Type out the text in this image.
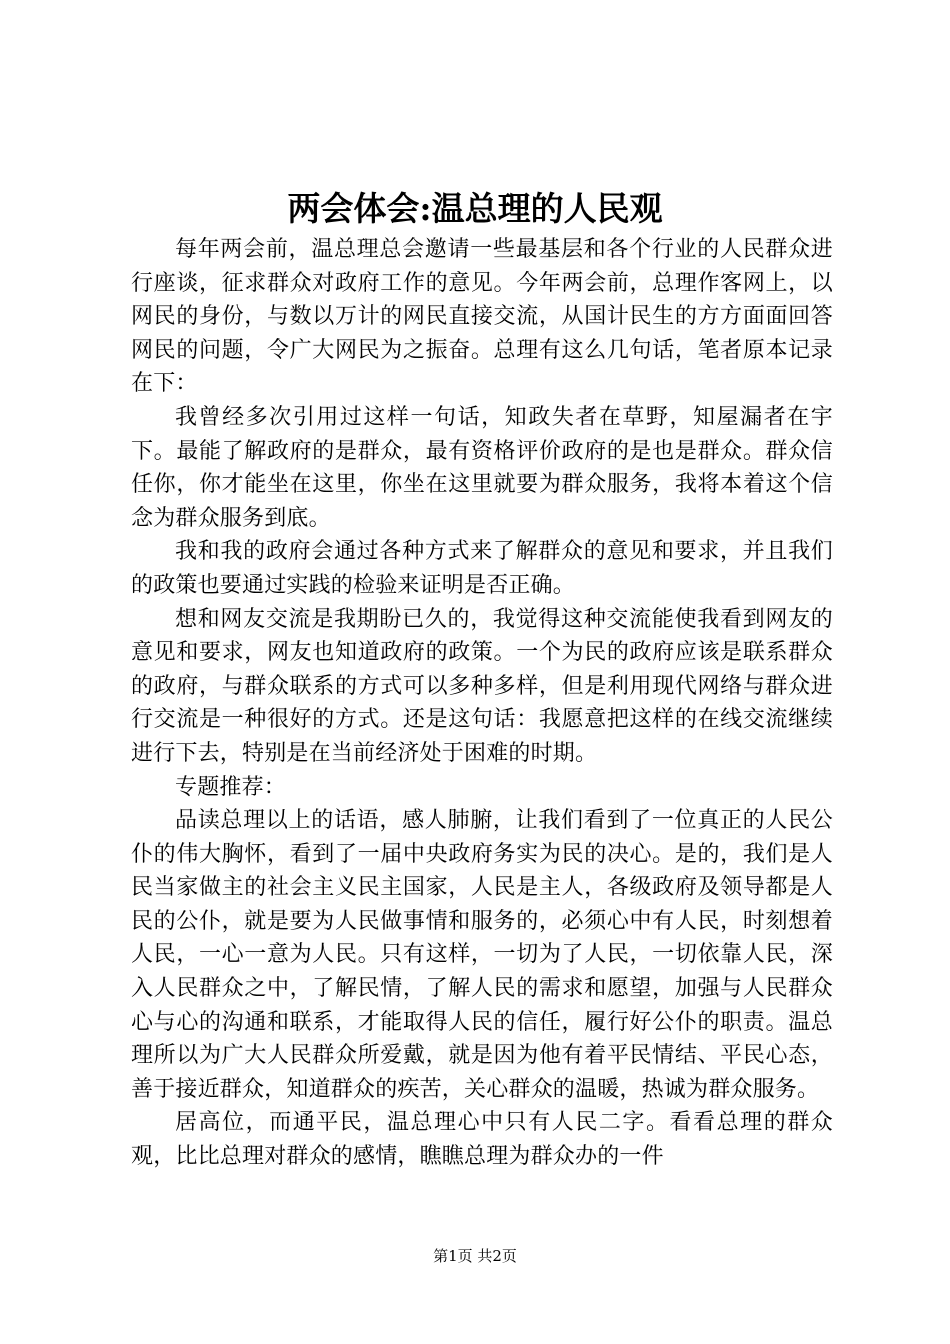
两会体会:温总理的人民观

每年两会前，温总理总会邀请一些最基层和各个行业的人民群众进行座谈，征求群众对政府工作的意见。今年两会前，总理作客网上，以网民的身份，与数以万计的网民直接交流，从国计民生的方方面面回答网民的问题，令广大网民为之振奋。总理有这么几句话，笔者原本记录在下：

我曾经多次引用过这样一句话，知政失者在草野，知屋漏者在宇下。最能了解政府的是群众，最有资格评价政府的是也是群众。群众信任你，你才能坐在这里，你坐在这里就要为群众服务，我将本着这个信念为群众服务到底。

我和我的政府会通过各种方式来了解群众的意见和要求，并且我们的政策也要通过实践的检验来证明是否正确。

想和网友交流是我期盼已久的，我觉得这种交流能使我看到网友的意见和要求，网友也知道政府的政策。一个为民的政府应该是联系群众的政府，与群众联系的方式可以多种多样，但是利用现代网络与群众进行交流是一种很好的方式。还是这句话：我愿意把这样的在线交流继续进行下去，特别是在当前经济处于困难的时期。

专题推荐：

品读总理以上的话语，感人肺腑，让我们看到了一位真正的人民公仆的伟大胸怀，看到了一届中央政府务实为民的决心。是的，我们是人民当家做主的社会主义民主国家，人民是主人，各级政府及领导都是人民的公仆，就是要为人民做事情和服务的，必须心中有人民，时刻想着人民，一心一意为人民。只有这样，一切为了人民，一切依靠人民，深入人民群众之中，了解民情，了解人民的需求和愿望，加强与人民群众心与心的沟通和联系，才能取得人民的信任，履行好公仆的职责。温总理所以为广大人民群众所爱戴，就是因为他有着平民情结、平民心态，善于接近群众，知道群众的疾苦，关心群众的温暖，热诚为群众服务。

居高位，而通平民，温总理心中只有人民二字。看看总理的群众观，比比总理对群众的感情，瞧瞧总理为群众办的一件

第1页 共2页
